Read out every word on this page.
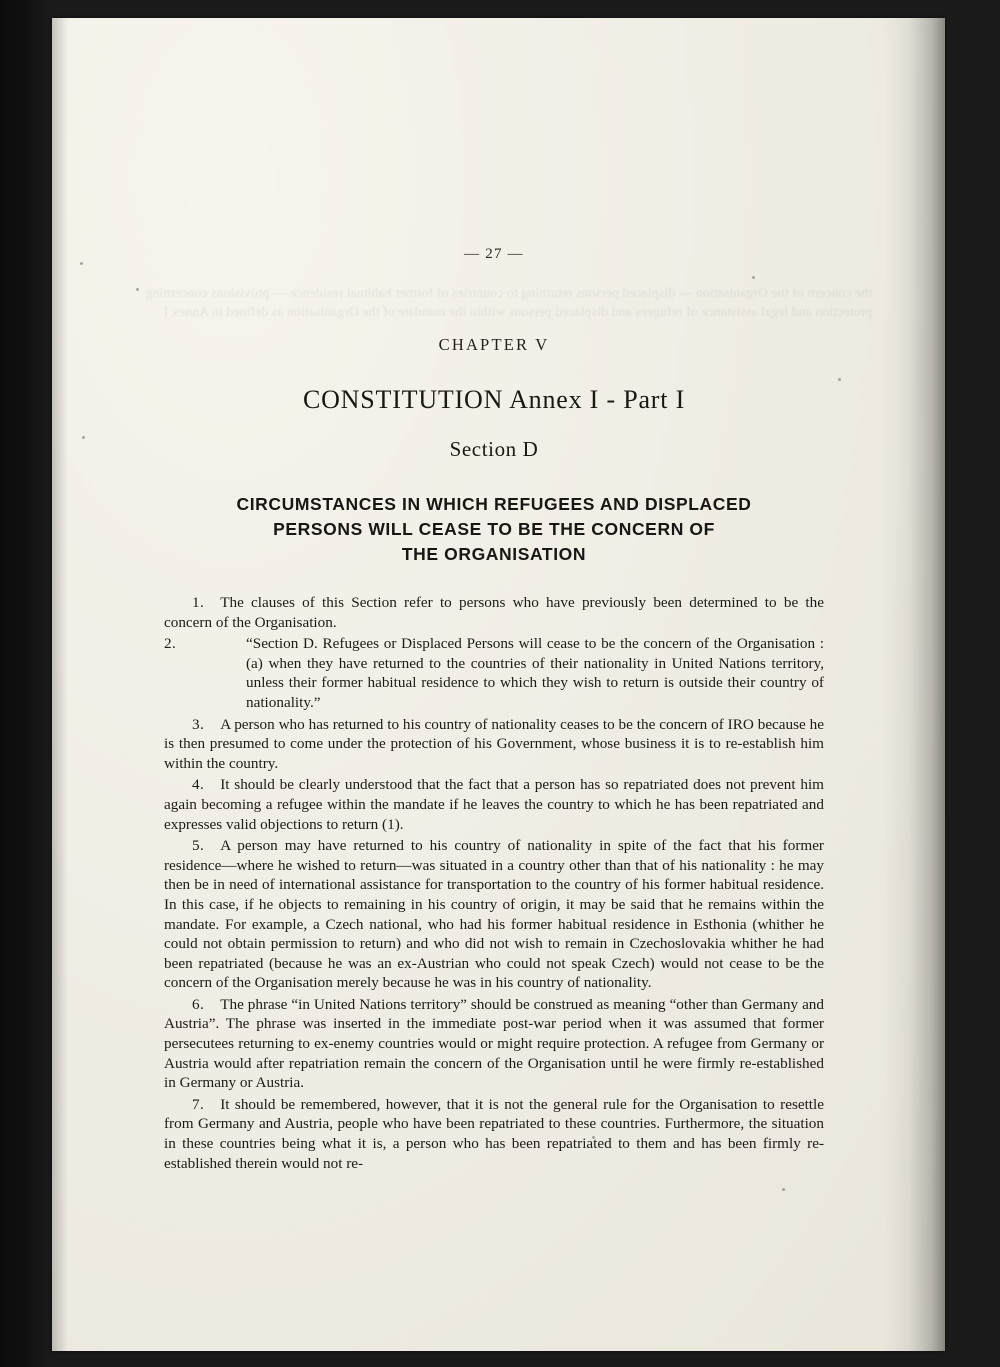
the concern of the Organisation — displaced persons returning to countries of former habitual residence — provisions concerning protection and legal assistance of refugees and displaced persons within the mandate of the Organisation as defined in Annex I
— 27 —
CHAPTER V
CONSTITUTION Annex I - Part I
Section D
CIRCUMSTANCES IN WHICH REFUGEES AND DISPLACED
PERSONS WILL CEASE TO BE THE CONCERN OF
THE ORGANISATION
1. The clauses of this Section refer to persons who have previously been determined to be the concern of the Organisation.
2.	“Section D. Refugees or Displaced Persons will cease to be the concern of the Organisation : (a) when they have returned to the countries of their nationality in United Nations territory, unless their former habitual residence to which they wish to return is outside their country of nationality.”
3. A person who has returned to his country of nationality ceases to be the concern of IRO because he is then presumed to come under the protection of his Government, whose business it is to re-establish him within the country.
4. It should be clearly understood that the fact that a person has so repatriated does not prevent him again becoming a refugee within the mandate if he leaves the country to which he has been repatriated and expresses valid objections to return (1).
5. A person may have returned to his country of nationality in spite of the fact that his former residence—where he wished to return—was situated in a country other than that of his nationality : he may then be in need of international assistance for transportation to the country of his former habitual residence. In this case, if he objects to remaining in his country of origin, it may be said that he remains within the mandate. For example, a Czech national, who had his former habitual residence in Esthonia (whither he could not obtain permission to return) and who did not wish to remain in Czechoslovakia whither he had been repatriated (because he was an ex-Austrian who could not speak Czech) would not cease to be the concern of the Organisation merely because he was in his country of nationality.
6. The phrase “in United Nations territory” should be construed as meaning “other than Germany and Austria”. The phrase was inserted in the immediate post-war period when it was assumed that former persecutees returning to ex-enemy countries would or might require protection. A refugee from Germany or Austria would after repatriation remain the concern of the Organisation until he were firmly re-established in Germany or Austria.
7. It should be remembered, however, that it is not the general rule for the Organisation to resettle from Germany and Austria, people who have been repatriated to these countries. Furthermore, the situation in these countries being what it is, a person who has been repatriated to them and has been firmly re-established therein would not re-
